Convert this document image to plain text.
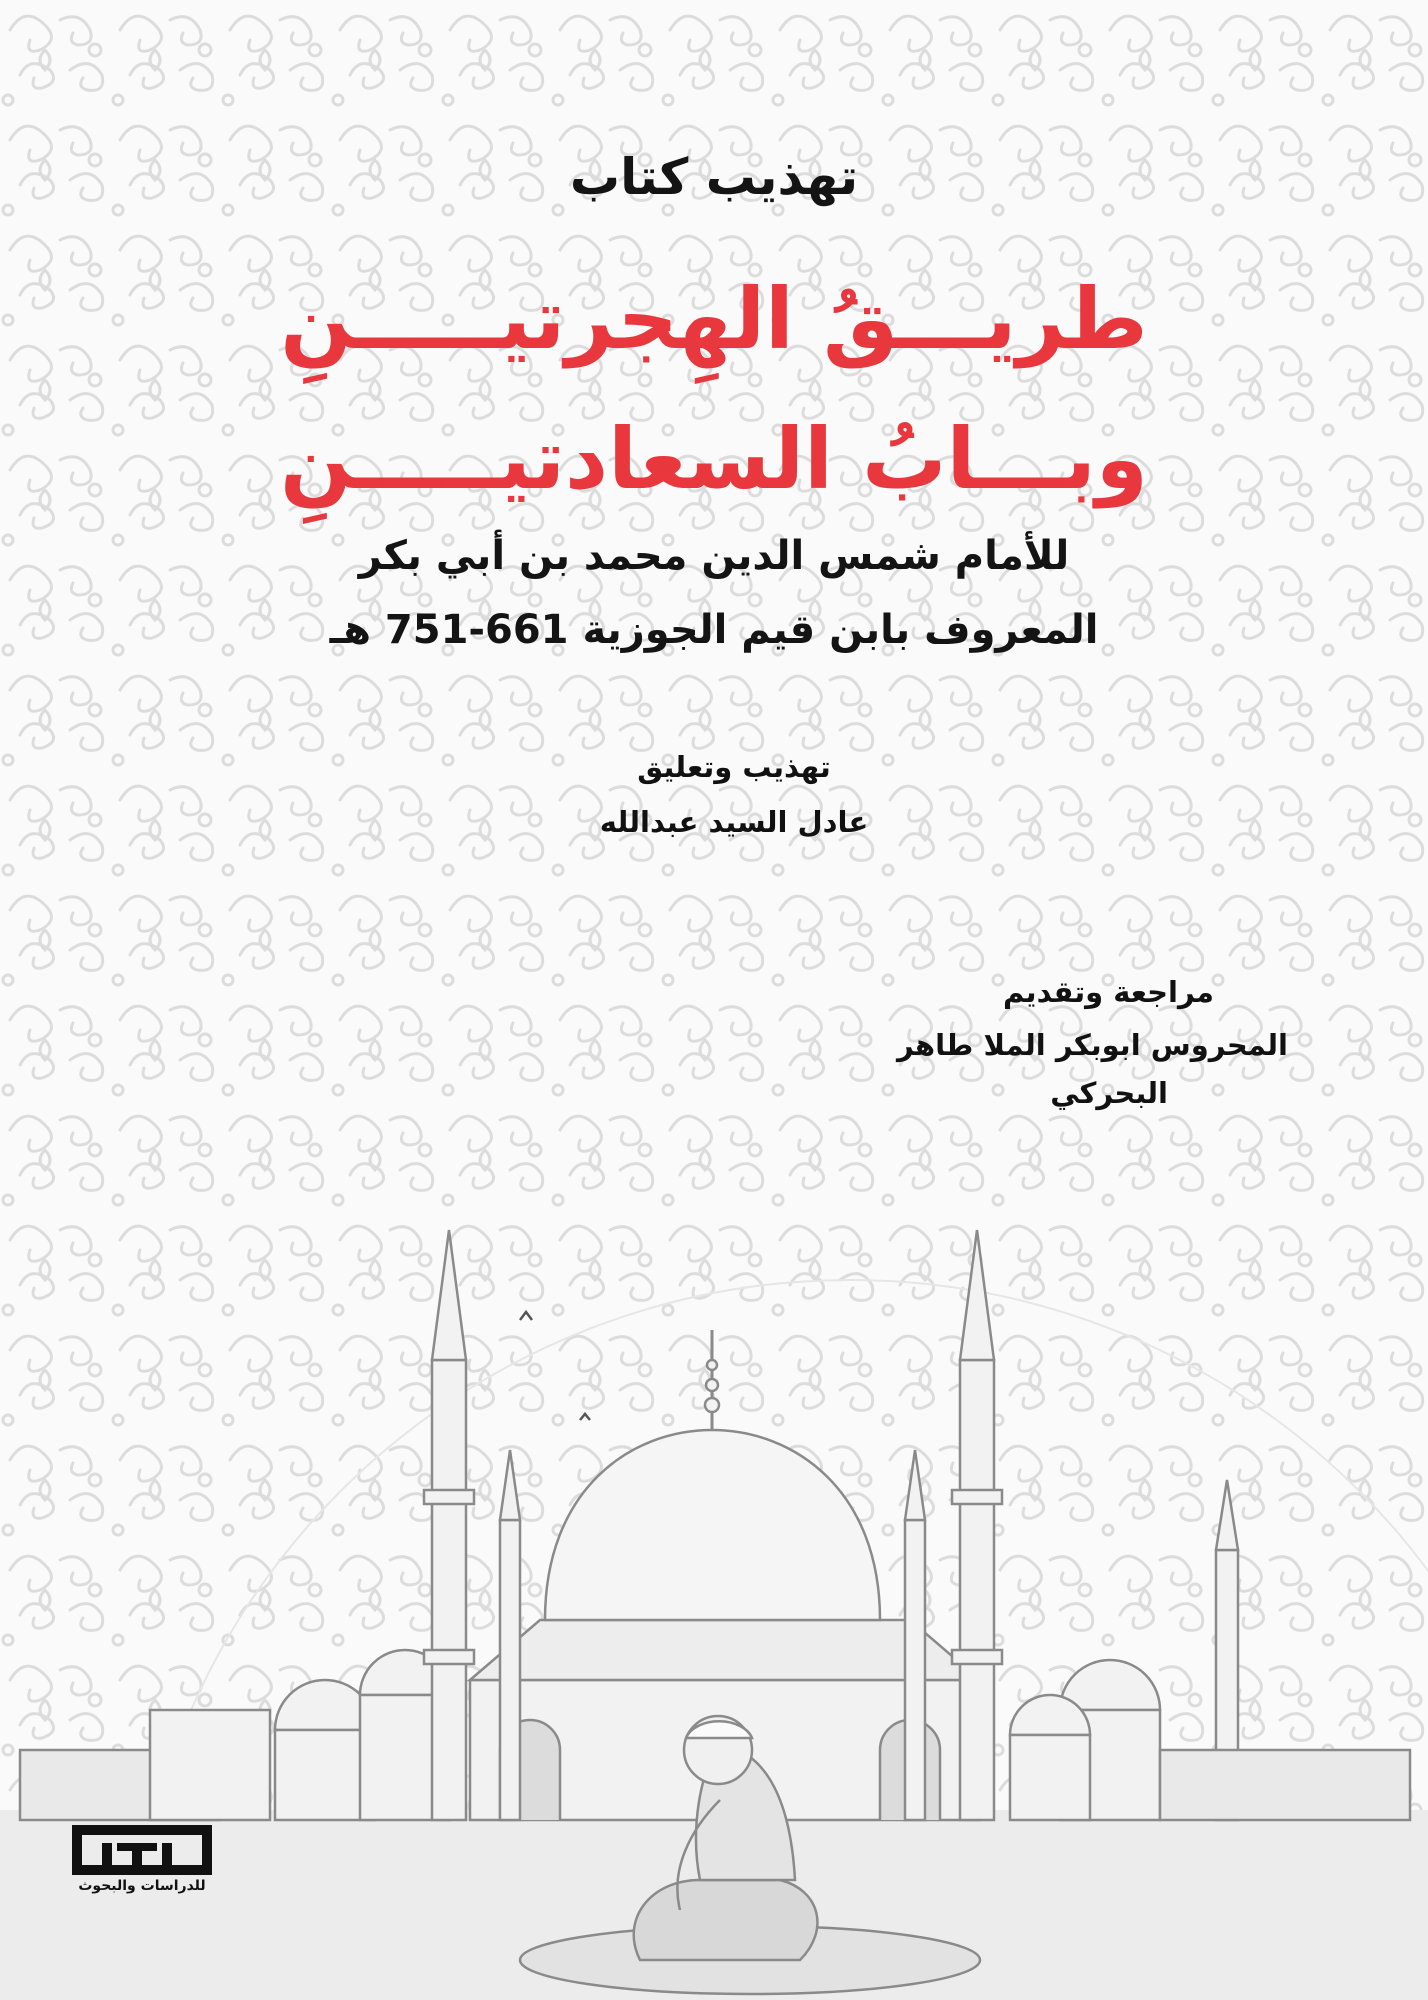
تهذيب كتاب
طريـــقُ الهِجرتيـــــنِ
وبـــابُ السعادتيـــــنِ
للأمام شمس الدين محمد بن أبي بكر
المعروف بابن قيم الجوزية 661-751 هـ
تهذيب وتعليق
عادل السيد عبدالله
مراجعة وتقديم
المحروس ابوبكر الملا طاهر
البحركي
للدراسات والبحوث
